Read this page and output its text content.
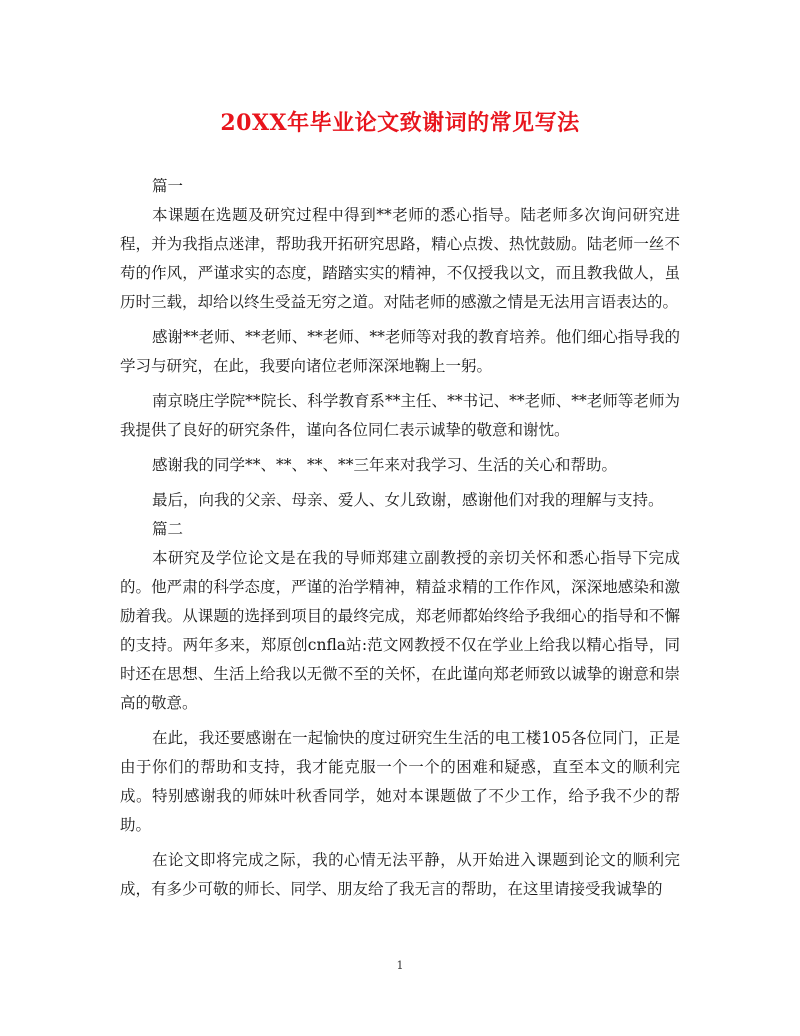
20XX年毕业论文致谢词的常见写法

篇一

本课题在选题及研究过程中得到**老师的悉心指导。陆老师多次询问研究进程，并为我指点迷津，帮助我开拓研究思路，精心点拨、热忱鼓励。陆老师一丝不苟的作风，严谨求实的态度，踏踏实实的精神，不仅授我以文，而且教我做人，虽历时三载，却给以终生受益无穷之道。对陆老师的感激之情是无法用言语表达的。

感谢**老师、**老师、**老师、**老师等对我的教育培养。他们细心指导我的学习与研究，在此，我要向诸位老师深深地鞠上一躬。

南京晓庄学院**院长、科学教育系**主任、**书记、**老师、**老师等老师为我提供了良好的研究条件，谨向各位同仁表示诚挚的敬意和谢忱。

感谢我的同学**、**、**、**三年来对我学习、生活的关心和帮助。

最后，向我的父亲、母亲、爱人、女儿致谢，感谢他们对我的理解与支持。

篇二

本研究及学位论文是在我的导师郑建立副教授的亲切关怀和悉心指导下完成的。他严肃的科学态度，严谨的治学精神，精益求精的工作作风，深深地感染和激励着我。从课题的选择到项目的最终完成，郑老师都始终给予我细心的指导和不懈的支持。两年多来，郑原创cnfla站:范文网教授不仅在学业上给我以精心指导，同时还在思想、生活上给我以无微不至的关怀，在此谨向郑老师致以诚挚的谢意和崇高的敬意。

在此，我还要感谢在一起愉快的度过研究生生活的电工楼105各位同门，正是由于你们的帮助和支持，我才能克服一个一个的困难和疑惑，直至本文的顺利完成。特别感谢我的师妹叶秋香同学，她对本课题做了不少工作，给予我不少的帮助。

在论文即将完成之际，我的心情无法平静，从开始进入课题到论文的顺利完成，有多少可敬的师长、同学、朋友给了我无言的帮助，在这里请接受我诚挚的

1
